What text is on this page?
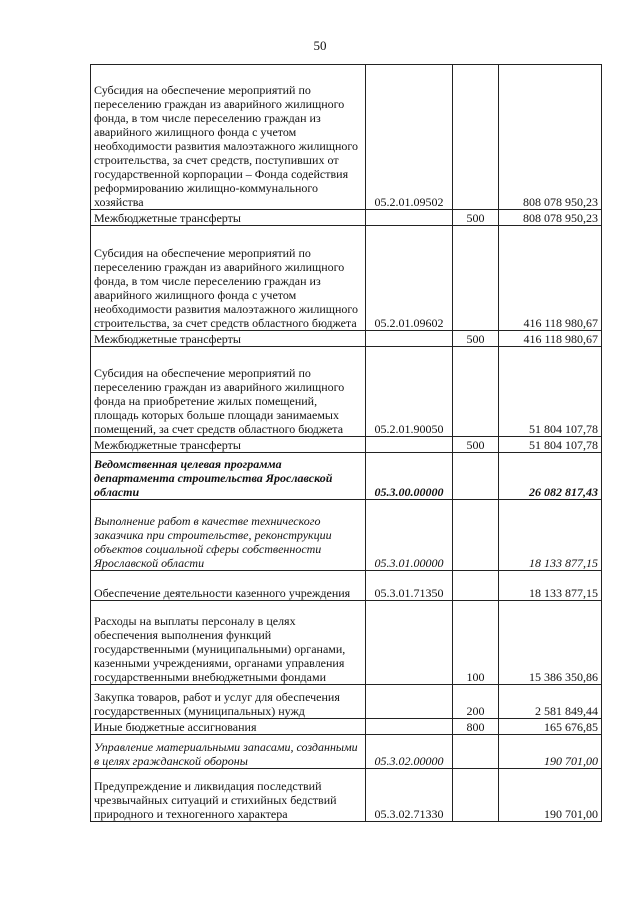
50
Субсидия на обеспечение мероприятий по переселению граждан из аварийного жилищного фонда, в том числе переселению граждан из аварийного жилищного фонда с учетом необходимости развития малоэтажного жилищного строительства, за счет средств, поступивших от государственной корпорации – Фонда содействия реформированию жилищно-коммунального хозяйства	05.2.01.09502		808 078 950,23
Межбюджетные трансферты		500	808 078 950,23
Субсидия на обеспечение мероприятий по переселению граждан из аварийного жилищного фонда, в том числе переселению граждан из аварийного жилищного фонда с учетом необходимости развития малоэтажного жилищного строительства, за счет средств областного бюджета	05.2.01.09602		416 118 980,67
Межбюджетные трансферты		500	416 118 980,67
Субсидия на обеспечение мероприятий по переселению граждан из аварийного жилищного фонда на приобретение жилых помещений, площадь которых больше площади занимаемых помещений, за счет средств областного бюджета	05.2.01.90050		51 804 107,78
Межбюджетные трансферты		500	51 804 107,78
Ведомственная целевая программа департамента строительства Ярославской области	05.3.00.00000		26 082 817,43
Выполнение работ в качестве технического заказчика при строительстве, реконструкции объектов социальной сферы собственности Ярославской области	05.3.01.00000		18 133 877,15
Обеспечение деятельности казенного учреждения	05.3.01.71350		18 133 877,15
Расходы на выплаты персоналу в целях обеспечения выполнения функций государственными (муниципальными) органами, казенными учреждениями, органами управления государственными внебюджетными фондами		100	15 386 350,86
Закупка товаров, работ и услуг для обеспечения государственных (муниципальных) нужд		200	2 581 849,44
Иные бюджетные ассигнования		800	165 676,85
Управление материальными запасами, созданными в целях гражданской обороны	05.3.02.00000		190 701,00
Предупреждение и ликвидация последствий чрезвычайных ситуаций и стихийных бедствий природного и техногенного характера	05.3.02.71330		190 701,00
